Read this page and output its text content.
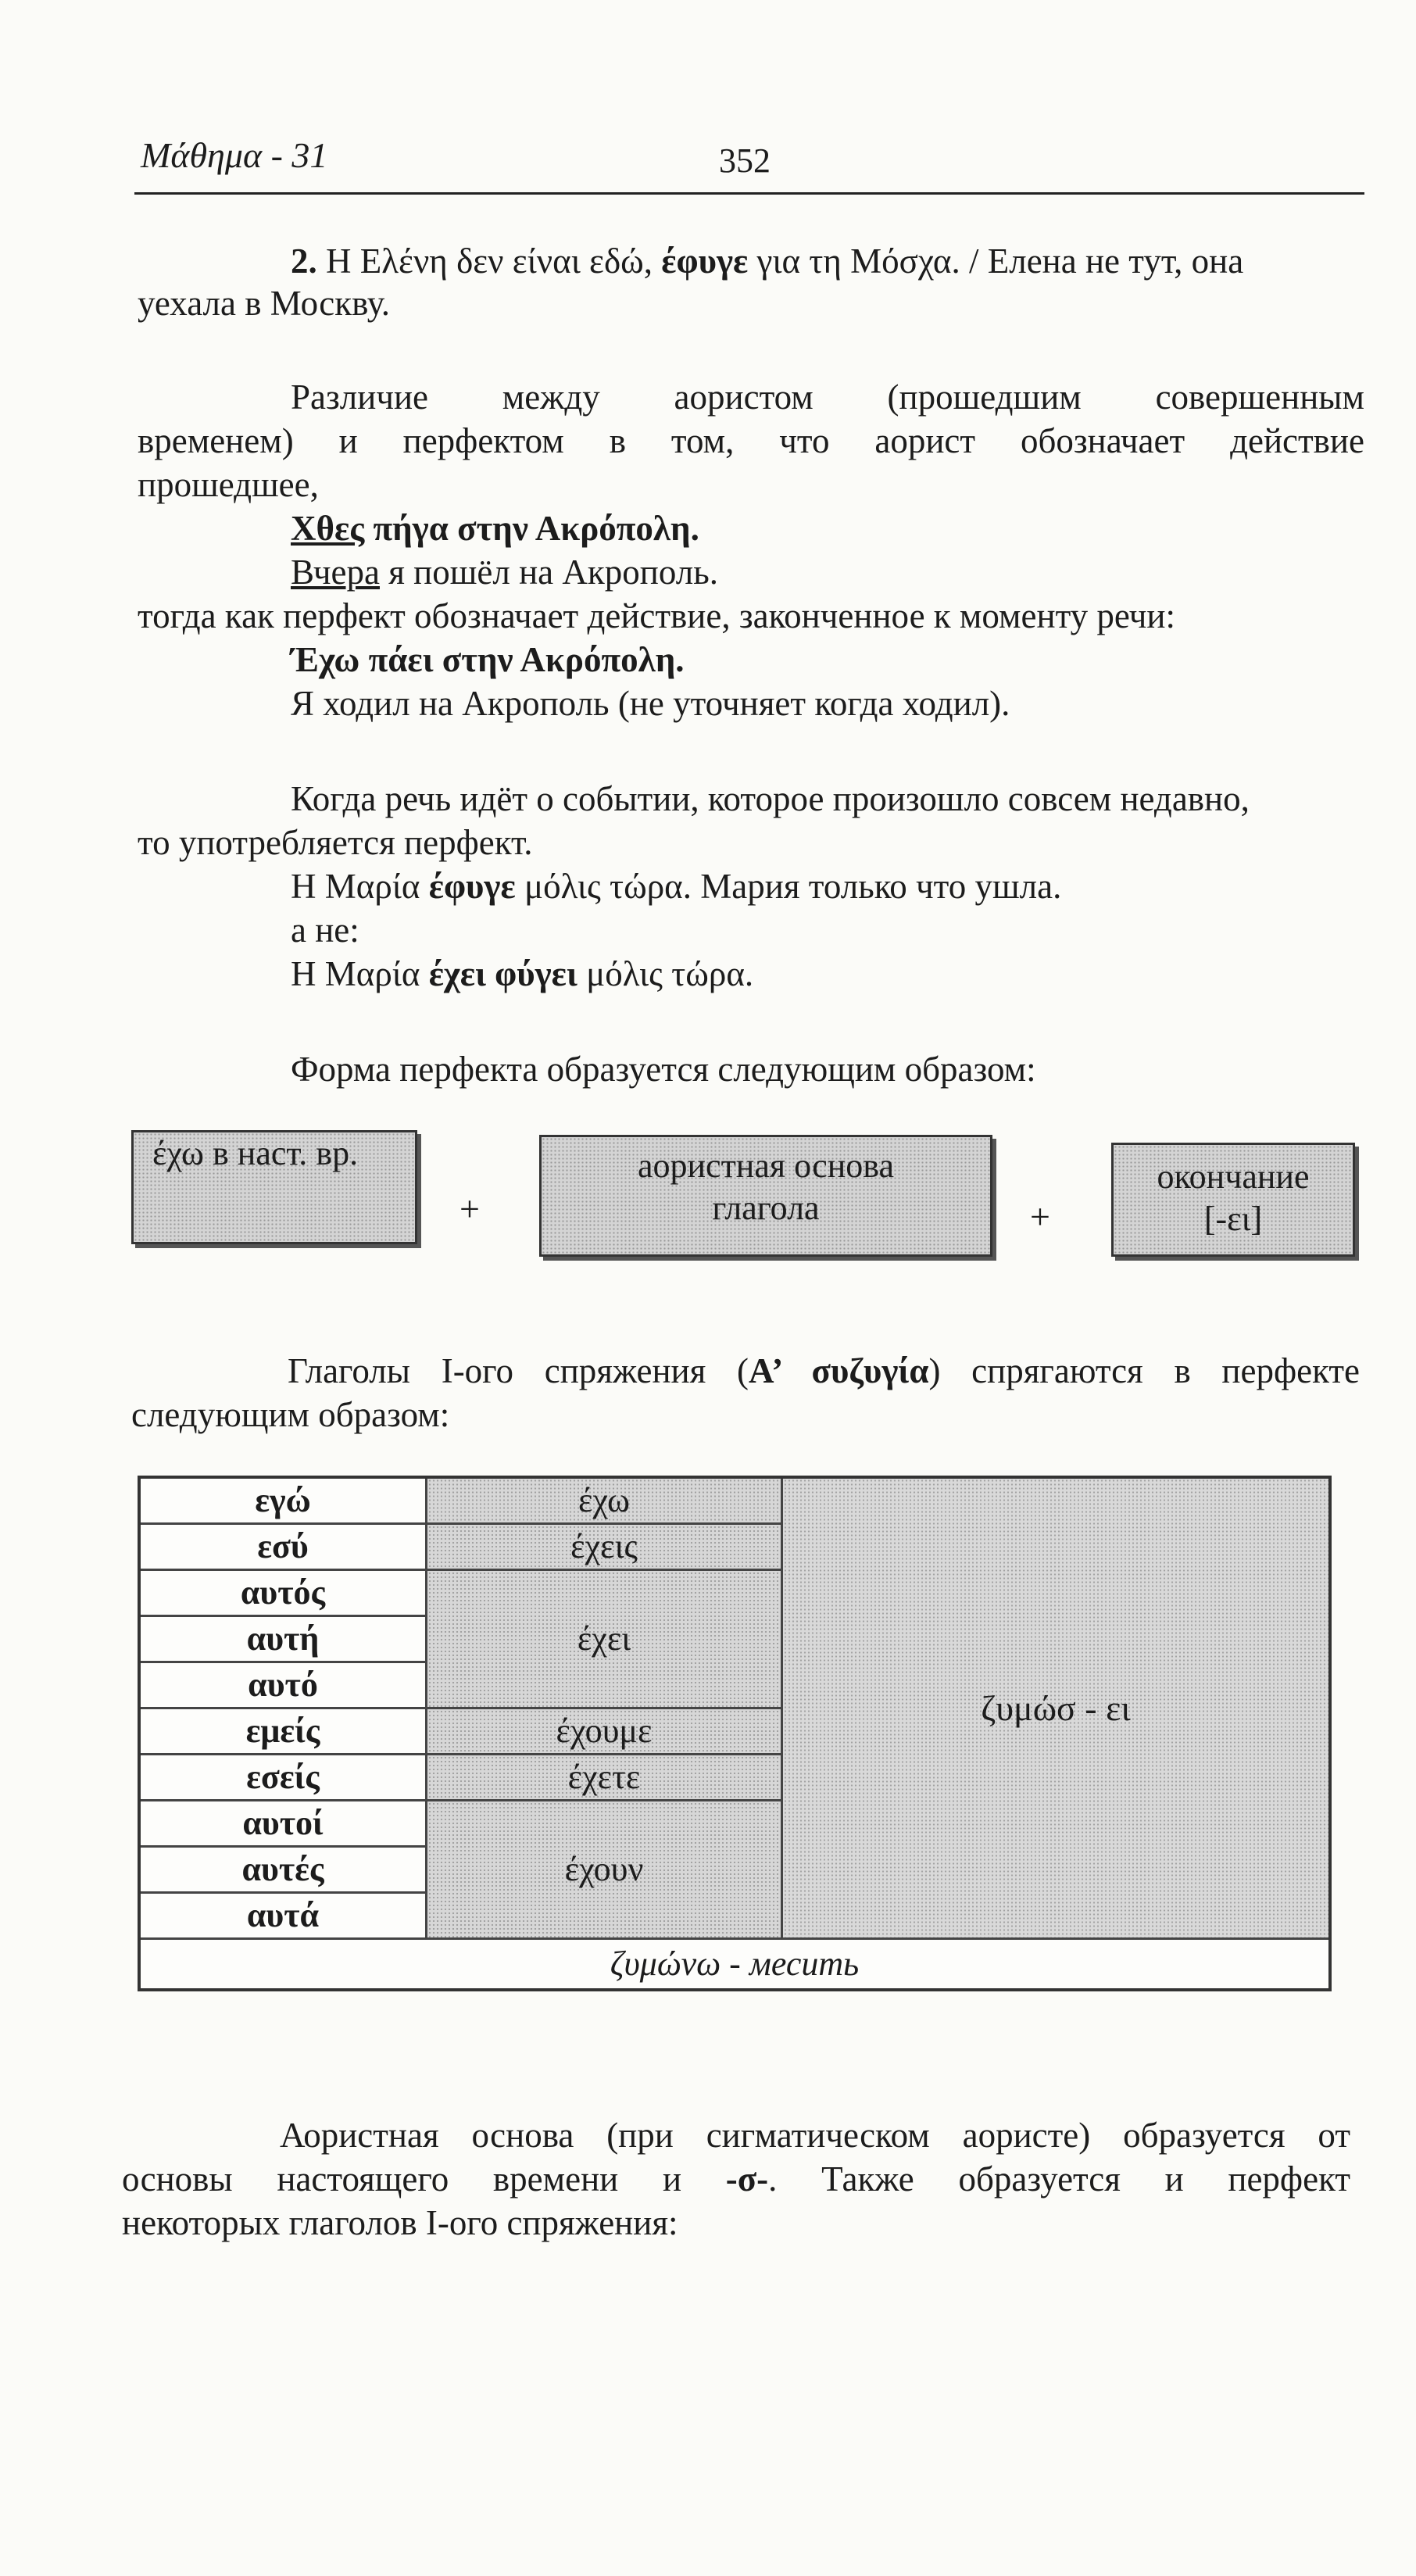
Μάθημα - 31	352
2. Η Ελένη δεν είναι εδώ, έφυγε για τη Μόσχα. / Елена не тут, она
уехала в Москву.
Различие между аористом (прошедшим совершенным
временем) и перфектом в том, что аорист обозначает действие
прошедшее,
Χθες πήγα στην Ακρόπολη.
Вчера я пошёл на Акрополь.
тогда как перфект обозначает действие, законченное к моменту речи:
Έχω πάει στην Ακρόπολη.
Я ходил на Акрополь (не уточняет когда ходил).
Когда речь идёт о событии, которое произошло совсем недавно,
то употребляется перфект.
Η Μαρία έφυγε μόλις τώρα. Мария только что ушла.
а не:
Η Μαρία έχει φύγει μόλις τώρα.
Форма перфекта образуется следующим образом:
έχω в наст. вр.
+
аористная основа
глагола	+
окончание
[-ει]
Глаголы I-ого спряжения (Α’ συζυγία) спрягаются в перфекте
следующим образом:
εγώ	έχω	ζυμώσ - ει
εσύ	έχεις	
αυτός	έχει	
αυτή		
αυτό		
εμείς	έχουμε	
εσείς	έχετε	
αυτοί	έχουν	
αυτές		
αυτά		
ζυμώνω - месить		
Аористная основа (при сигматическом аористе) образуется от
основы настоящего времени и -σ-. Также образуется и перфект
некоторых глаголов I-ого спряжения:
